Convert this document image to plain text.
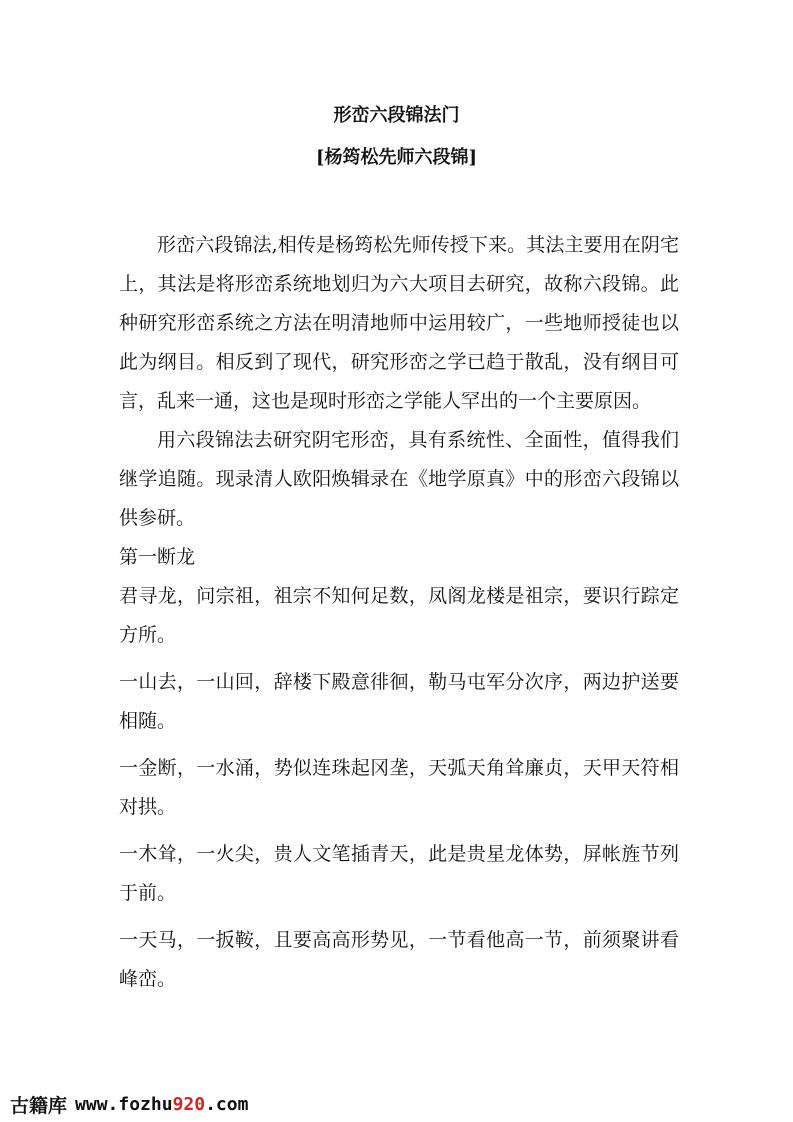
形峦六段锦法门
[杨筠松先师六段锦]

形峦六段锦法,相传是杨筠松先师传授下来。其法主要用在阴宅上，其法是将形峦系统地划归为六大项目去研究，故称六段锦。此种研究形峦系统之方法在明清地师中运用较广，一些地师授徒也以此为纲目。相反到了现代，研究形峦之学已趋于散乱，没有纲目可言，乱来一通，这也是现时形峦之学能人罕出的一个主要原因。

用六段锦法去研究阴宅形峦，具有系统性、全面性，值得我们继学追随。现录清人欧阳焕辑录在《地学原真》中的形峦六段锦以供参研。

第一断龙

君寻龙，问宗祖，祖宗不知何足数，凤阁龙楼是祖宗，要识行踪定方所。

一山去，一山回，辞楼下殿意徘徊，勒马屯军分次序，两边护送要相随。

一金断，一水涌，势似连珠起冈垄，天弧天角耸廉贞，天甲天符相对拱。

一木耸，一火尖，贵人文笔插青天，此是贵星龙体势，屏帐旌节列于前。

一天马，一扳鞍，且要高高形势见，一节看他高一节，前须聚讲看峰峦。

古籍库 www.fozhu920.com
